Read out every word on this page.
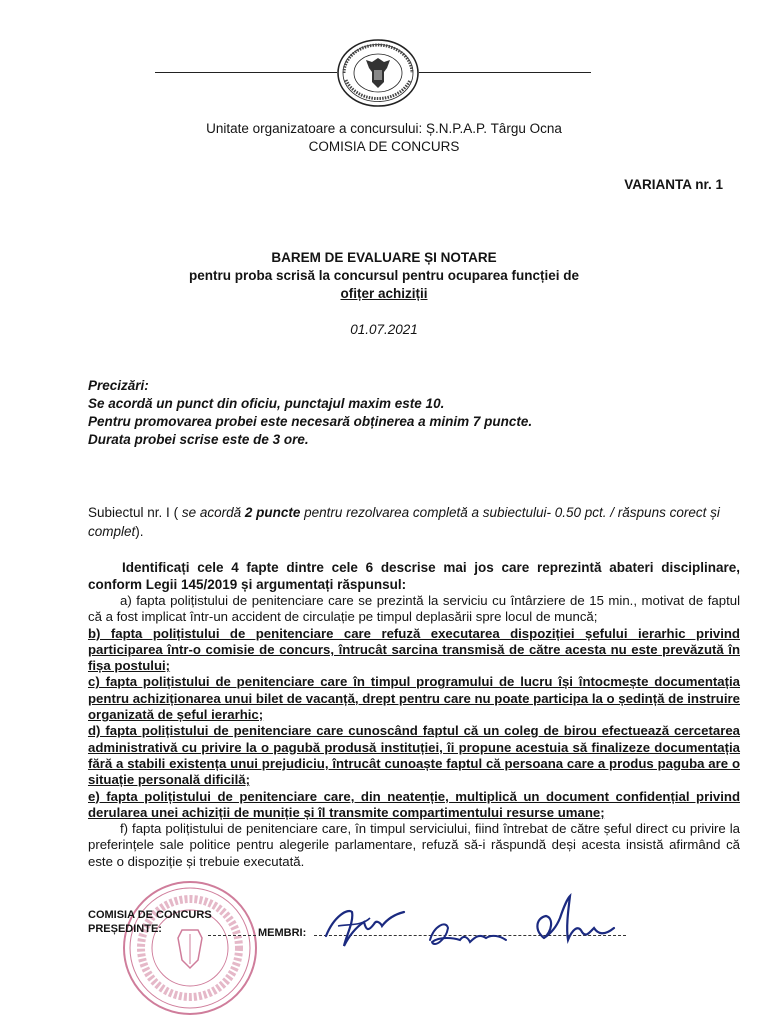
Unitate organizatoare a concursului: Ș.N.P.A.P. Târgu Ocna
COMISIA DE CONCURS
VARIANTA nr. 1
BAREM DE EVALUARE ȘI NOTARE
pentru proba scrisă la concursul pentru ocuparea funcției de
ofițer achiziții
01.07.2021
Precizări:
Se acordă un punct din oficiu, punctajul maxim este 10.
Pentru promovarea probei este necesară obținerea a minim 7 puncte.
Durata probei scrise este de 3 ore.
Subiectul nr. I ( se acordă 2 puncte pentru rezolvarea completă a subiectului- 0.50 pct. / răspuns corect și complet).
Identificați cele 4 fapte dintre cele 6 descrise mai jos care reprezintă abateri disciplinare, conform Legii 145/2019 și argumentați răspunsul:

a) fapta polițistului de penitenciare care se prezintă la serviciu cu întârziere de 15 min., motivat de faptul că a fost implicat într-un accident de circulație pe timpul deplasării spre locul de muncă;

b) fapta polițistului de penitenciare care refuză executarea dispoziției șefului ierarhic privind participarea într-o comisie de concurs, întrucât sarcina transmisă de către acesta nu este prevăzută în fișa postului;

c) fapta polițistului de penitenciare care în timpul programului de lucru își întocmește documentația pentru achiziționarea unui bilet de vacanță, drept pentru care nu poate participa la o ședință de instruire organizată de șeful ierarhic;

d) fapta polițistului de penitenciare care cunoscând faptul că un coleg de birou efectuează cercetarea administrativă cu privire la o pagubă produsă instituției, îi propune acestuia să finalizeze documentația fără a stabili existența unui prejudiciu, întrucât cunoaște faptul că persoana care a produs paguba are o situație personală dificilă;

e) fapta polițistului de penitenciare care, din neatenție, multiplică un document confidențial privind derularea unei achiziții de muniție și îl transmite compartimentului resurse umane;

f) fapta polițistului de penitenciare care, în timpul serviciului, fiind întrebat de către șeful direct cu privire la preferințele sale politice pentru alegerile parlamentare, refuză să-i răspundă deși acesta insistă afirmând că este o dispoziție și trebuie executată.

COMISIA DE CONCURS
PREȘEDINTE:	MEMBRI:
